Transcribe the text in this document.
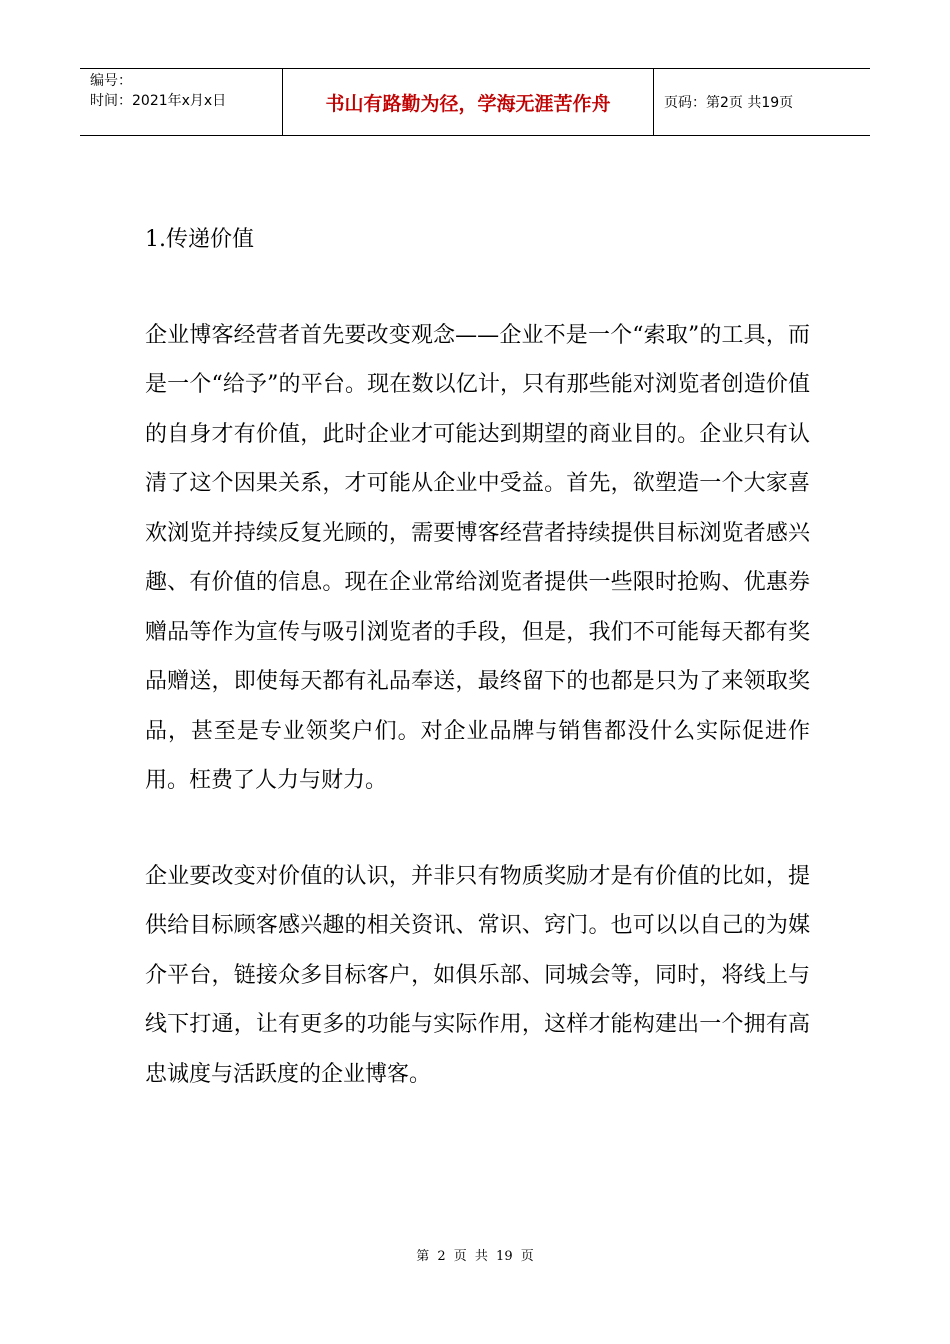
编号：
时间：2021年x月x日	书山有路勤为径，学海无涯苦作舟	页码：第2页 共19页

1.传递价值

企业博客经营者首先要改变观念——企业不是一个“索取”的工具，而是一个“给予”的平台。现在数以亿计，只有那些能对浏览者创造价值的自身才有价值，此时企业才可能达到期望的商业目的。企业只有认清了这个因果关系，才可能从企业中受益。首先，欲塑造一个大家喜欢浏览并持续反复光顾的，需要博客经营者持续提供目标浏览者感兴趣、有价值的信息。现在企业常给浏览者提供一些限时抢购、优惠券赠品等作为宣传与吸引浏览者的手段，但是，我们不可能每天都有奖品赠送，即使每天都有礼品奉送，最终留下的也都是只为了来领取奖品，甚至是专业领奖户们。对企业品牌与销售都没什么实际促进作用。枉费了人力与财力。

企业要改变对价值的认识，并非只有物质奖励才是有价值的比如，提供给目标顾客感兴趣的相关资讯、常识、窍门。也可以以自己的为媒介平台，链接众多目标客户，如俱乐部、同城会等，同时，将线上与线下打通，让有更多的功能与实际作用，这样才能构建出一个拥有高忠诚度与活跃度的企业博客。

第 2 页 共 19 页
